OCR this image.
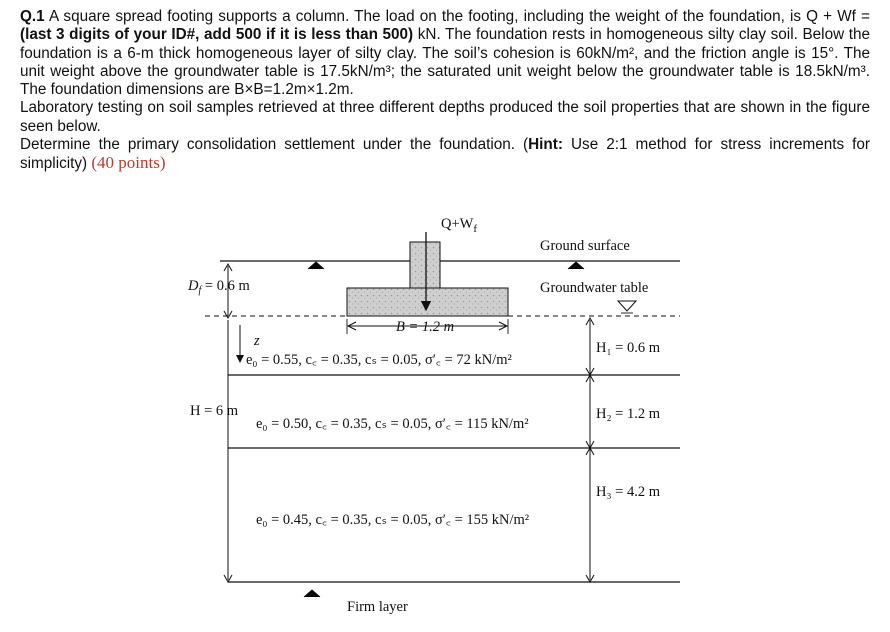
Q.1 A square spread footing supports a column. The load on the footing, including the weight of the foundation, is Q + Wf = (last 3 digits of your ID#, add 500 if it is less than 500) kN. The foundation rests in homogeneous silty clay soil. Below the foundation is a 6-m thick homogeneous layer of silty clay. The soil’s cohesion is 60kN/m², and the friction angle is 15°. The unit weight above the groundwater table is 17.5kN/m³; the saturated unit weight below the groundwater table is 18.5kN/m³. The foundation dimensions are B×B=1.2m×1.2m.

Laboratory testing on soil samples retrieved at three different depths produced the soil properties that are shown in the figure seen below.

Determine the primary consolidation settlement under the foundation. (Hint: Use 2:1 method for stress increments for simplicity) (40 points)

$Q+W_f$
Ground surface
Groundwater table
$D_f = 0.6$ m
B = 1.2 m
z
H = 6 m
H₁ = 0.6 m
H₂ = 1.2 m
H₃ = 4.2 m
e₀ = 0.55, c꜀ = 0.35, cₛ = 0.05, σ′꜀ = 72 kN/m²
e₀ = 0.50, c꜀ = 0.35, cₛ = 0.05, σ′꜀ = 115 kN/m²
e₀ = 0.45, c꜀ = 0.35, cₛ = 0.05, σ′꜀ = 155 kN/m²
Firm layer
